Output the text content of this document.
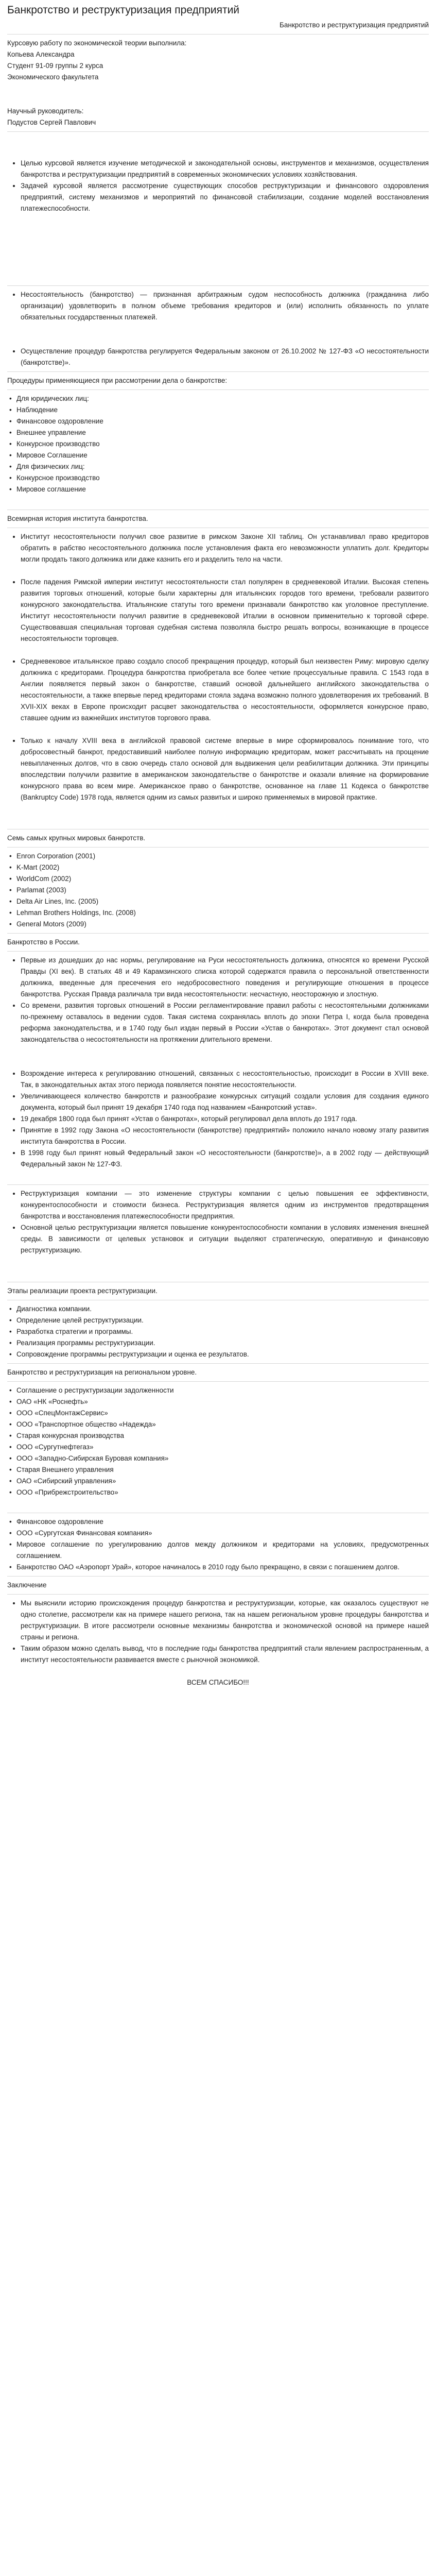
Банкротство и реструктуризация предприятий

Банкротство и реструктуризация предприятий

Курсовую работу по экономической теории выполнила:

Копьева Александра

Студент 91-09 группы 2 курса

Экономического факультета

Научный руководитель:

Подустов Сергей Павлович

• Целью курсовой является изучение методической и законодательной основы, инструментов и механизмов, осуществления банкротства и реструктуризации предприятий в современных экономических условиях хозяйствования.
• Задачей курсовой является рассмотрение существующих способов реструктуризации и финансового оздоровления предприятий, систему механизмов и мероприятий по финансовой стабилизации, создание моделей восстановления платежеспособности.
• Несостоятельность (банкротство) — признанная арбитражным судом неспособность должника (гражданина либо организации) удовлетворить в полном объеме требования кредиторов и (или) исполнить обязанность по уплате обязательных государственных платежей.
• Осуществление процедур банкротства регулируется Федеральным законом от 26.10.2002 № 127-ФЗ «О несостоятельности (банкротстве)».

Процедуры применяющиеся при рассмотрении дела о банкротстве:

• Для юридических лиц:
• Наблюдение
• Финансовое оздоровление
• Внешнее управление
• Конкурсное производство
• Мировое Соглашение
• Для физических лиц:
• Конкурсное производство
• Мировое соглашение

Всемирная история института банкротства.

• Институт несостоятельности получил свое развитие в римском Законе XII таблиц. Он устанавливал право кредиторов обратить в рабство несостоятельного должника после установления факта его невозможности уплатить долг. Кредиторы могли продать такого должника или даже казнить его и разделить тело на части.
• После падения Римской империи институт несостоятельности стал популярен в средневековой Италии. Высокая степень развития торговых отношений, которые были характерны для итальянских городов того времени, требовали развитого конкурсного законодательства. Итальянские статуты того времени признавали банкротство как уголовное преступление. Институт несостоятельности получил развитие в средневековой Италии в основном применительно к торговой сфере. Существовавшая специальная торговая судебная система позволяла быстро решать вопросы, возникающие в процессе несостоятельности торговцев.
• Средневековое итальянское право создало способ прекращения процедур, который был неизвестен Риму: мировую сделку должника с кредиторами. Процедура банкротства приобретала все более четкие процессуальные правила. С 1543 года в Англии появляется первый закон о банкротстве, ставший основой дальнейшего английского законодательства о несостоятельности, а также впервые перед кредиторами стояла задача возможно полного удовлетворения их требований. В XVII-XIX веках в Европе происходит расцвет законодательства о несостоятельности, оформляется конкурсное право, ставшее одним из важнейших институтов торгового права.
• Только к началу XVIII века в английской правовой системе впервые в мире сформировалось понимание того, что добросовестный банкрот, предоставивший наиболее полную информацию кредиторам, может рассчитывать на прощение невыплаченных долгов, что в свою очередь стало основой для выдвижения цели реабилитации должника. Эти принципы впоследствии получили развитие в американском законодательстве о банкротстве и оказали влияние на формирование конкурсного права во всем мире. Американское право о банкротстве, основанное на главе 11 Кодекса о банкротстве (Bankruptcy Code) 1978 года, является одним из самых развитых и широко применяемых в мировой практике.

Семь самых крупных мировых банкротств.

• Enron Corporation (2001)
• K-Mart (2002)
• WorldCom (2002)
• Parlamat (2003)
• Delta Air Lines, Inc. (2005)
• Lehman Brothers Holdings, Inc. (2008)
• General Motors (2009)

Банкротство в России.

• Первые из дошедших до нас нормы, регулирование на Руси несостоятельность должника, относятся ко времени Русской Правды (XI век). В статьях 48 и 49 Карамзинского списка которой содержатся правила о персональной ответственности должника, введенные для пресечения его недобросовестного поведения и регулирующие отношения в процессе банкротства. Русская Правда различала три вида несостоятельности: несчастную, неосторожную и злостную.
• Со времени, развития торговых отношений в России регламентирование правил работы с несостоятельными должниками по-прежнему оставалось в ведении судов. Такая система сохранялась вплоть до эпохи Петра I, когда была проведена реформа законодательства, и в 1740 году был издан первый в России «Устав о банкротах». Этот документ стал основой законодательства о несостоятельности на протяжении длительного времени.
• Возрождение интереса к регулированию отношений, связанных с несостоятельностью, происходит в России в XVIII веке. Так, в законодательных актах этого периода появляется понятие несостоятельности.
• Увеличивающееся количество банкротств и разнообразие конкурсных ситуаций создали условия для создания единого документа, который был принят 19 декабря 1740 года под названием «Банкротский устав».
• 19 декабря 1800 года был принят «Устав о банкротах», который регулировал дела вплоть до 1917 года.
• Принятие в 1992 году Закона «О несостоятельности (банкротстве) предприятий» положило начало новому этапу развития института банкротства в России.
• В 1998 году был принят новый Федеральный закон «О несостоятельности (банкротстве)», а в 2002 году — действующий Федеральный закон № 127-ФЗ.
• Реструктуризация компании — это изменение структуры компании с целью повышения ее эффективности, конкурентоспособности и стоимости бизнеса. Реструктуризация является одним из инструментов предотвращения банкротства и восстановления платежеспособности предприятия.
• Основной целью реструктуризации является повышение конкурентоспособности компании в условиях изменения внешней среды. В зависимости от целевых установок и ситуации выделяют стратегическую, оперативную и финансовую реструктуризацию.

Этапы реализации проекта реструктуризации.

• Диагностика компании.
• Определение целей реструктуризации.
• Разработка стратегии и программы.
• Реализация программы реструктуризации.
• Сопровождение программы реструктуризации и оценка ее результатов.

Банкротство и реструктуризация на региональном уровне.

• Соглашение о реструктуризации задолженности
• ОАО «НК «Роснефть»
• ООО «СпецМонтажСервис»
• ООО «Транспортное общество «Надежда»
• Старая конкурсная производства
• ООО «Сургутнефтегаз»
• ООО «Западно-Сибирская Буровая компания»
• Старая Внешнего управления
• ОАО «Сибирский управления»
• ООО «Прибрежстроительство»
• Финансовое оздоровление
• ООО «Сургутская Финансовая компания»
• Мировое соглашение по урегулированию долгов между должником и кредиторами на условиях, предусмотренных соглашением.
• Банкротство ОАО «Аэропорт Урай», которое начиналось в 2010 году было прекращено, в связи с погашением долгов.

Заключение

• Мы выяснили историю происхождения процедур банкротства и реструктуризации, которые, как оказалось существуют не одно столетие, рассмотрели как на примере нашего региона, так на нашем региональном уровне процедуры банкротства и реструктуризации. В итоге рассмотрели основные механизмы банкротства и экономической основой на примере нашей страны и региона.
• Таким образом можно сделать вывод, что в последние годы банкротства предприятий стали явлением распространенным, а институт несостоятельности развивается вместе с рыночной экономикой.

ВСЕМ СПАСИБО!!!
